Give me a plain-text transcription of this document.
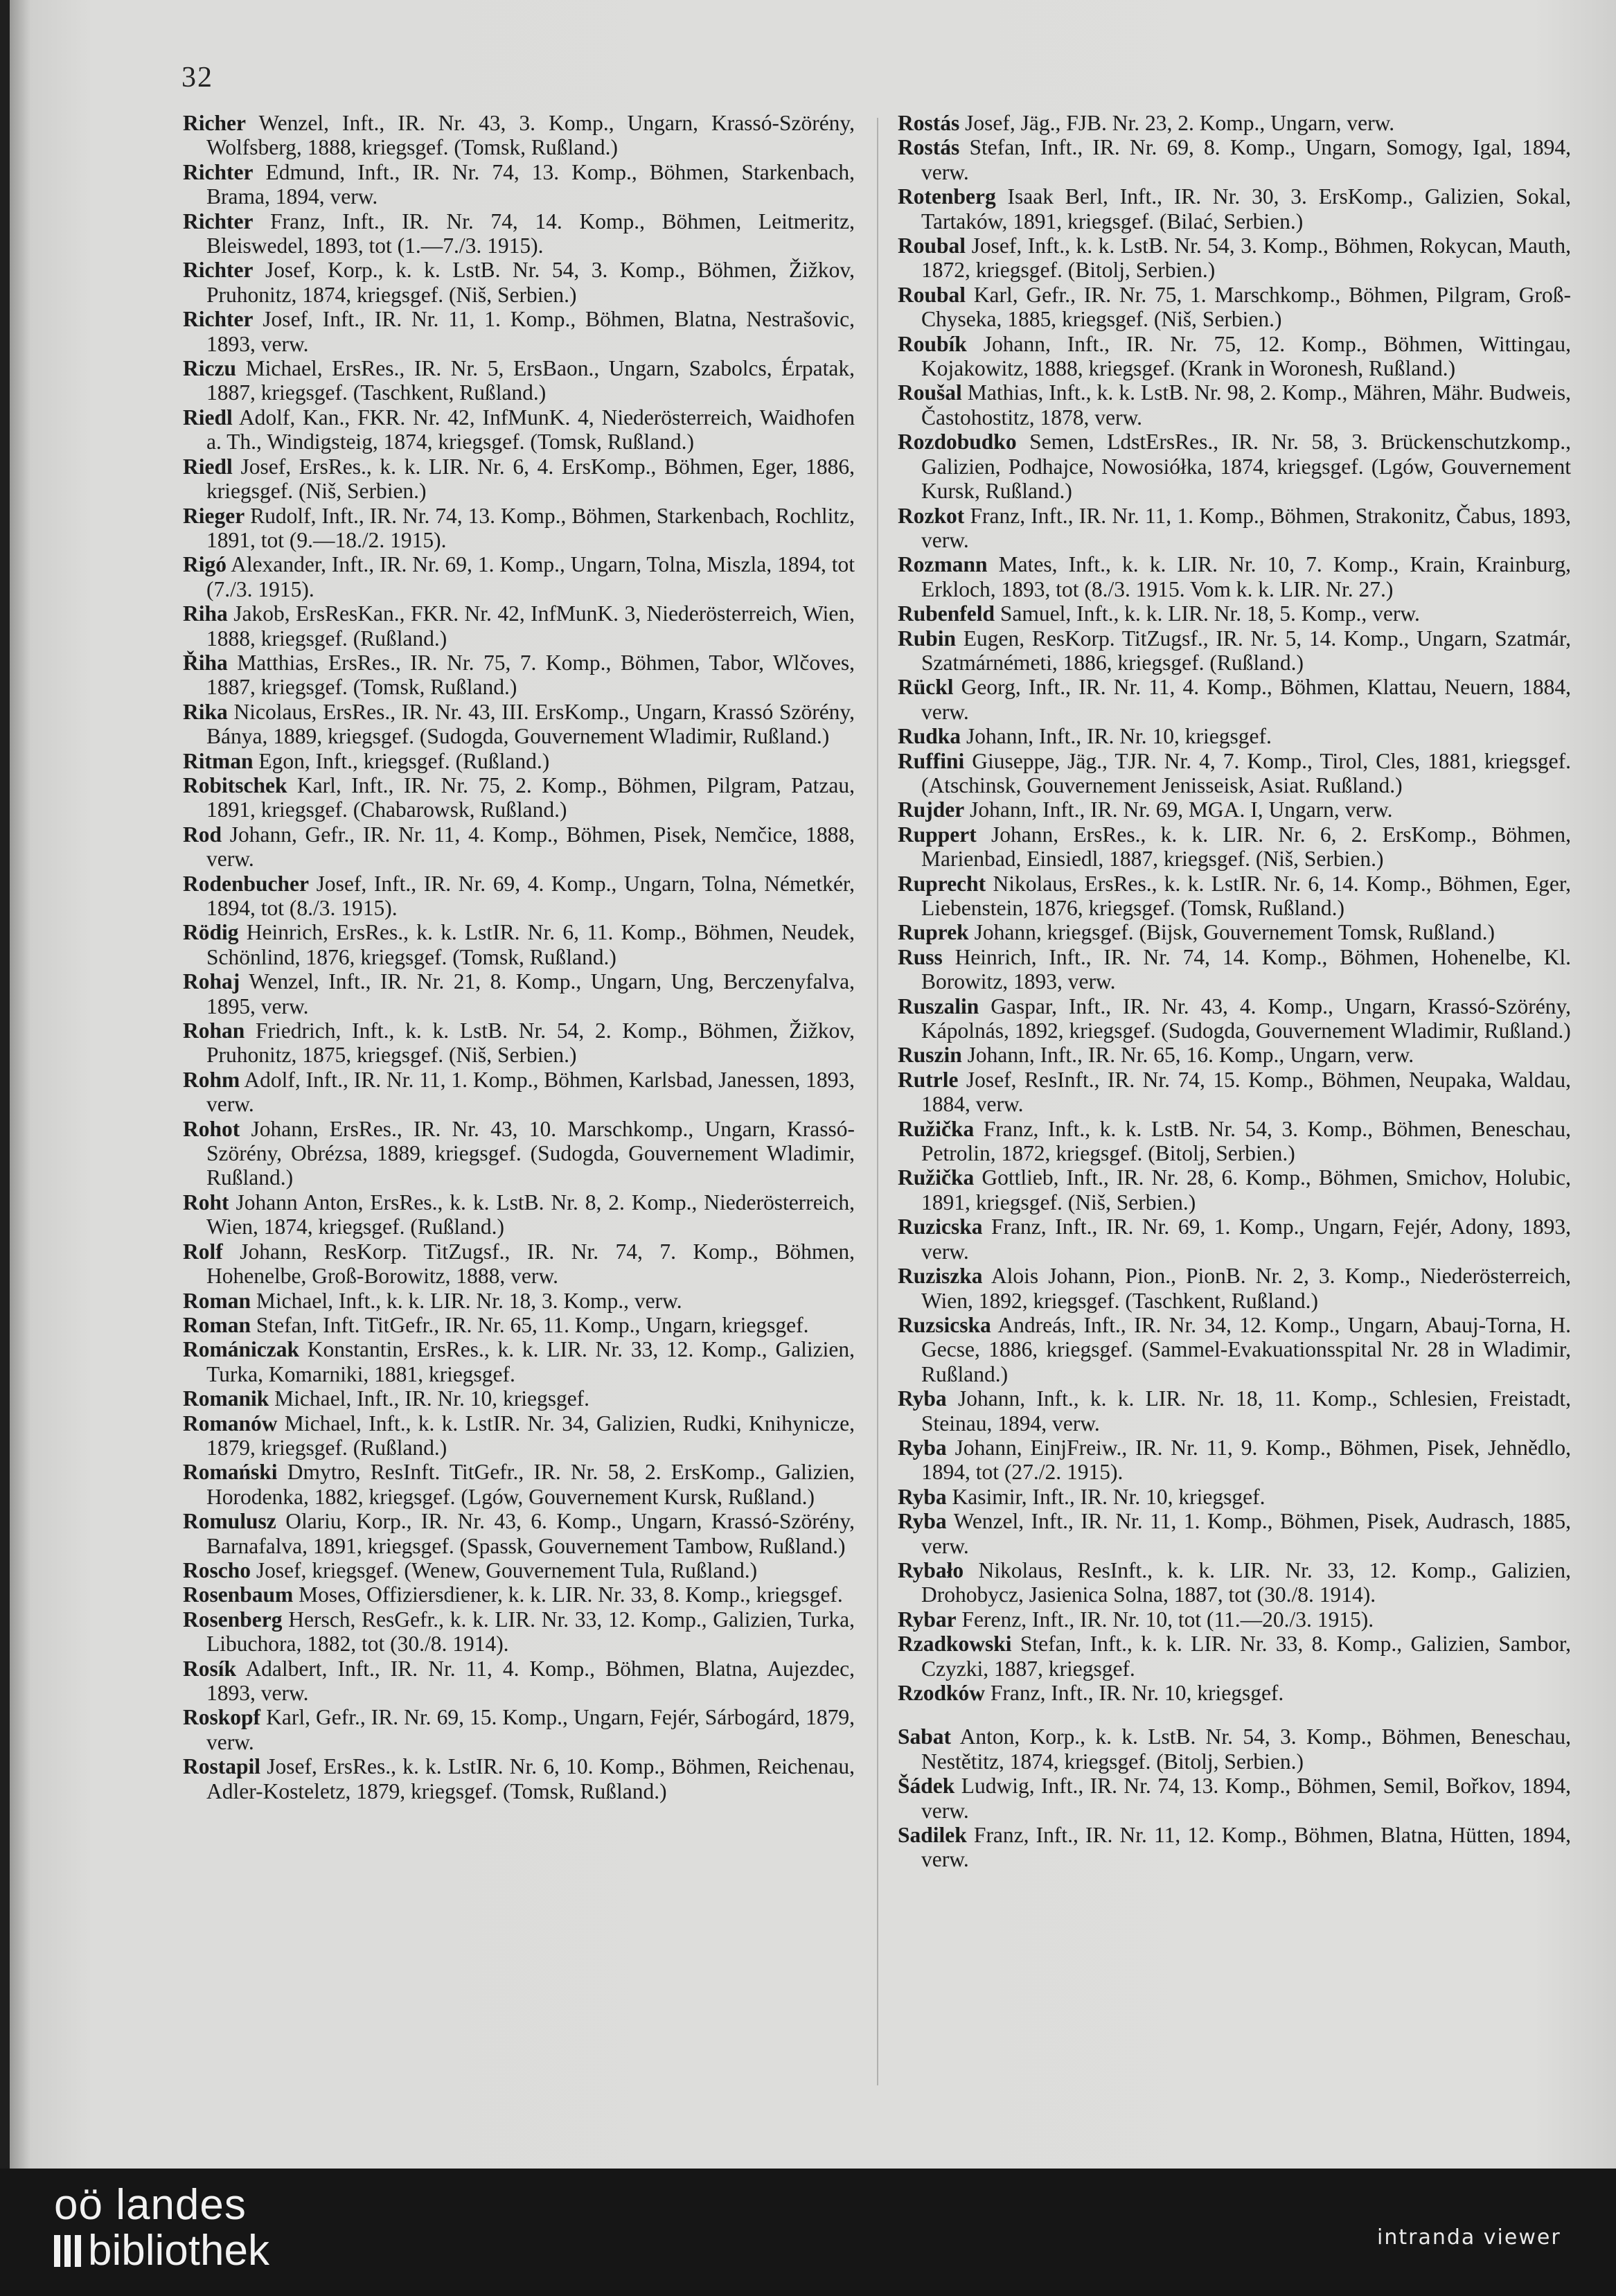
32

Richer Wenzel, Inft., IR. Nr. 43, 3. Komp., Ungarn, Krassó-Szörény, Wolfsberg, 1888, kriegsgef. (Tomsk, Rußland.)

Richter Edmund, Inft., IR. Nr. 74, 13. Komp., Böhmen, Starkenbach, Brama, 1894, verw.

Richter Franz, Inft., IR. Nr. 74, 14. Komp., Böhmen, Leitmeritz, Bleiswedel, 1893, tot (1.—7./3. 1915).

Richter Josef, Korp., k. k. LstB. Nr. 54, 3. Komp., Böhmen, Žižkov, Pruhonitz, 1874, kriegsgef. (Niš, Serbien.)

Richter Josef, Inft., IR. Nr. 11, 1. Komp., Böhmen, Blatna, Nestrašovic, 1893, verw.

Riczu Michael, ErsRes., IR. Nr. 5, ErsBaon., Ungarn, Szabolcs, Érpatak, 1887, kriegsgef. (Taschkent, Rußland.)

Riedl Adolf, Kan., FKR. Nr. 42, InfMunK. 4, Niederösterreich, Waidhofen a. Th., Windigsteig, 1874, kriegsgef. (Tomsk, Rußland.)

Riedl Josef, ErsRes., k. k. LIR. Nr. 6, 4. ErsKomp., Böhmen, Eger, 1886, kriegsgef. (Niš, Serbien.)

Rieger Rudolf, Inft., IR. Nr. 74, 13. Komp., Böhmen, Starkenbach, Rochlitz, 1891, tot (9.—18./2. 1915).

Rigó Alexander, Inft., IR. Nr. 69, 1. Komp., Ungarn, Tolna, Miszla, 1894, tot (7./3. 1915).

Riha Jakob, ErsResKan., FKR. Nr. 42, InfMunK. 3, Niederösterreich, Wien, 1888, kriegsgef. (Rußland.)

Řiha Matthias, ErsRes., IR. Nr. 75, 7. Komp., Böhmen, Tabor, Wlčoves, 1887, kriegsgef. (Tomsk, Rußland.)

Rika Nicolaus, ErsRes., IR. Nr. 43, III. ErsKomp., Ungarn, Krassó Szörény, Bánya, 1889, kriegsgef. (Sudogda, Gouvernement Wladimir, Rußland.)

Ritman Egon, Inft., kriegsgef. (Rußland.)

Robitschek Karl, Inft., IR. Nr. 75, 2. Komp., Böhmen, Pilgram, Patzau, 1891, kriegsgef. (Chabarowsk, Rußland.)

Rod Johann, Gefr., IR. Nr. 11, 4. Komp., Böhmen, Pisek, Nemčice, 1888, verw.

Rodenbucher Josef, Inft., IR. Nr. 69, 4. Komp., Ungarn, Tolna, Németkér, 1894, tot (8./3. 1915).

Rödig Heinrich, ErsRes., k. k. LstIR. Nr. 6, 11. Komp., Böhmen, Neudek, Schönlind, 1876, kriegsgef. (Tomsk, Rußland.)

Rohaj Wenzel, Inft., IR. Nr. 21, 8. Komp., Ungarn, Ung, Berczenyfalva, 1895, verw.

Rohan Friedrich, Inft., k. k. LstB. Nr. 54, 2. Komp., Böhmen, Žižkov, Pruhonitz, 1875, kriegsgef. (Niš, Serbien.)

Rohm Adolf, Inft., IR. Nr. 11, 1. Komp., Böhmen, Karlsbad, Janessen, 1893, verw.

Rohot Johann, ErsRes., IR. Nr. 43, 10. Marschkomp., Ungarn, Krassó-Szörény, Obrézsa, 1889, kriegsgef. (Sudogda, Gouvernement Wladimir, Rußland.)

Roht Johann Anton, ErsRes., k. k. LstB. Nr. 8, 2. Komp., Niederösterreich, Wien, 1874, kriegsgef. (Rußland.)

Rolf Johann, ResKorp. TitZugsf., IR. Nr. 74, 7. Komp., Böhmen, Hohenelbe, Groß-Borowitz, 1888, verw.

Roman Michael, Inft., k. k. LIR. Nr. 18, 3. Komp., verw.

Roman Stefan, Inft. TitGefr., IR. Nr. 65, 11. Komp., Ungarn, kriegsgef.

Romániczak Konstantin, ErsRes., k. k. LIR. Nr. 33, 12. Komp., Galizien, Turka, Komarniki, 1881, kriegsgef.

Romanik Michael, Inft., IR. Nr. 10, kriegsgef.

Romanów Michael, Inft., k. k. LstIR. Nr. 34, Galizien, Rudki, Knihynicze, 1879, kriegsgef. (Rußland.)

Romański Dmytro, ResInft. TitGefr., IR. Nr. 58, 2. ErsKomp., Galizien, Horodenka, 1882, kriegsgef. (Lgów, Gouvernement Kursk, Rußland.)

Romulusz Olariu, Korp., IR. Nr. 43, 6. Komp., Ungarn, Krassó-Szörény, Barnafalva, 1891, kriegsgef. (Spassk, Gouvernement Tambow, Rußland.)

Roscho Josef, kriegsgef. (Wenew, Gouvernement Tula, Rußland.)

Rosenbaum Moses, Offiziersdiener, k. k. LIR. Nr. 33, 8. Komp., kriegsgef.

Rosenberg Hersch, ResGefr., k. k. LIR. Nr. 33, 12. Komp., Galizien, Turka, Libuchora, 1882, tot (30./8. 1914).

Rosík Adalbert, Inft., IR. Nr. 11, 4. Komp., Böhmen, Blatna, Aujezdec, 1893, verw.

Roskopf Karl, Gefr., IR. Nr. 69, 15. Komp., Ungarn, Fejér, Sárbogárd, 1879, verw.

Rostapil Josef, ErsRes., k. k. LstIR. Nr. 6, 10. Komp., Böhmen, Reichenau, Adler-Kosteletz, 1879, kriegsgef. (Tomsk, Rußland.)

Rostás Josef, Jäg., FJB. Nr. 23, 2. Komp., Ungarn, verw.

Rostás Stefan, Inft., IR. Nr. 69, 8. Komp., Ungarn, Somogy, Igal, 1894, verw.

Rotenberg Isaak Berl, Inft., IR. Nr. 30, 3. ErsKomp., Galizien, Sokal, Tartaków, 1891, kriegsgef. (Bilać, Serbien.)

Roubal Josef, Inft., k. k. LstB. Nr. 54, 3. Komp., Böhmen, Rokycan, Mauth, 1872, kriegsgef. (Bitolj, Serbien.)

Roubal Karl, Gefr., IR. Nr. 75, 1. Marschkomp., Böhmen, Pilgram, Groß-Chyseka, 1885, kriegsgef. (Niš, Serbien.)

Roubík Johann, Inft., IR. Nr. 75, 12. Komp., Böhmen, Wittingau, Kojakowitz, 1888, kriegsgef. (Krank in Woronesh, Rußland.)

Roušal Mathias, Inft., k. k. LstB. Nr. 98, 2. Komp., Mähren, Mähr. Budweis, Častohostitz, 1878, verw.

Rozdobudko Semen, LdstErsRes., IR. Nr. 58, 3. Brückenschutzkomp., Galizien, Podhajce, Nowosiółka, 1874, kriegsgef. (Lgów, Gouvernement Kursk, Rußland.)

Rozkot Franz, Inft., IR. Nr. 11, 1. Komp., Böhmen, Strakonitz, Čabus, 1893, verw.

Rozmann Mates, Inft., k. k. LIR. Nr. 10, 7. Komp., Krain, Krainburg, Erkloch, 1893, tot (8./3. 1915. Vom k. k. LIR. Nr. 27.)

Rubenfeld Samuel, Inft., k. k. LIR. Nr. 18, 5. Komp., verw.

Rubin Eugen, ResKorp. TitZugsf., IR. Nr. 5, 14. Komp., Ungarn, Szatmár, Szatmárnémeti, 1886, kriegsgef. (Rußland.)

Rückl Georg, Inft., IR. Nr. 11, 4. Komp., Böhmen, Klattau, Neuern, 1884, verw.

Rudka Johann, Inft., IR. Nr. 10, kriegsgef.

Ruffini Giuseppe, Jäg., TJR. Nr. 4, 7. Komp., Tirol, Cles, 1881, kriegsgef. (Atschinsk, Gouvernement Jenisseisk, Asiat. Rußland.)

Rujder Johann, Inft., IR. Nr. 69, MGA. I, Ungarn, verw.

Ruppert Johann, ErsRes., k. k. LIR. Nr. 6, 2. ErsKomp., Böhmen, Marienbad, Einsiedl, 1887, kriegsgef. (Niš, Serbien.)

Ruprecht Nikolaus, ErsRes., k. k. LstIR. Nr. 6, 14. Komp., Böhmen, Eger, Liebenstein, 1876, kriegsgef. (Tomsk, Rußland.)

Ruprek Johann, kriegsgef. (Bijsk, Gouvernement Tomsk, Rußland.)

Russ Heinrich, Inft., IR. Nr. 74, 14. Komp., Böhmen, Hohenelbe, Kl. Borowitz, 1893, verw.

Ruszalin Gaspar, Inft., IR. Nr. 43, 4. Komp., Ungarn, Krassó-Szörény, Kápolnás, 1892, kriegsgef. (Sudogda, Gouvernement Wladimir, Rußland.)

Ruszin Johann, Inft., IR. Nr. 65, 16. Komp., Ungarn, verw.

Rutrle Josef, ResInft., IR. Nr. 74, 15. Komp., Böhmen, Neupaka, Waldau, 1884, verw.

Ružička Franz, Inft., k. k. LstB. Nr. 54, 3. Komp., Böhmen, Beneschau, Petrolin, 1872, kriegsgef. (Bitolj, Serbien.)

Ružička Gottlieb, Inft., IR. Nr. 28, 6. Komp., Böhmen, Smichov, Holubic, 1891, kriegsgef. (Niš, Serbien.)

Ruzicska Franz, Inft., IR. Nr. 69, 1. Komp., Ungarn, Fejér, Adony, 1893, verw.

Ruziszka Alois Johann, Pion., PionB. Nr. 2, 3. Komp., Niederösterreich, Wien, 1892, kriegsgef. (Taschkent, Rußland.)

Ruzsicska Andreás, Inft., IR. Nr. 34, 12. Komp., Ungarn, Abauj-Torna, H. Gecse, 1886, kriegsgef. (Sammel-Evakuationsspital Nr. 28 in Wladimir, Rußland.)

Ryba Johann, Inft., k. k. LIR. Nr. 18, 11. Komp., Schlesien, Freistadt, Steinau, 1894, verw.

Ryba Johann, EinjFreiw., IR. Nr. 11, 9. Komp., Böhmen, Pisek, Jehnědlo, 1894, tot (27./2. 1915).

Ryba Kasimir, Inft., IR. Nr. 10, kriegsgef.

Ryba Wenzel, Inft., IR. Nr. 11, 1. Komp., Böhmen, Pisek, Audrasch, 1885, verw.

Rybało Nikolaus, ResInft., k. k. LIR. Nr. 33, 12. Komp., Galizien, Drohobycz, Jasienica Solna, 1887, tot (30./8. 1914).

Rybar Ferenz, Inft., IR. Nr. 10, tot (11.—20./3. 1915).

Rzadkowski Stefan, Inft., k. k. LIR. Nr. 33, 8. Komp., Galizien, Sambor, Czyzki, 1887, kriegsgef.

Rzodków Franz, Inft., IR. Nr. 10, kriegsgef.

Sabat Anton, Korp., k. k. LstB. Nr. 54, 3. Komp., Böhmen, Beneschau, Nestětitz, 1874, kriegsgef. (Bitolj, Serbien.)

Šádek Ludwig, Inft., IR. Nr. 74, 13. Komp., Böhmen, Semil, Bořkov, 1894, verw.

Sadilek Franz, Inft., IR. Nr. 11, 12. Komp., Böhmen, Blatna, Hütten, 1894, verw.

oö landes
bibliothek	intranda viewer
